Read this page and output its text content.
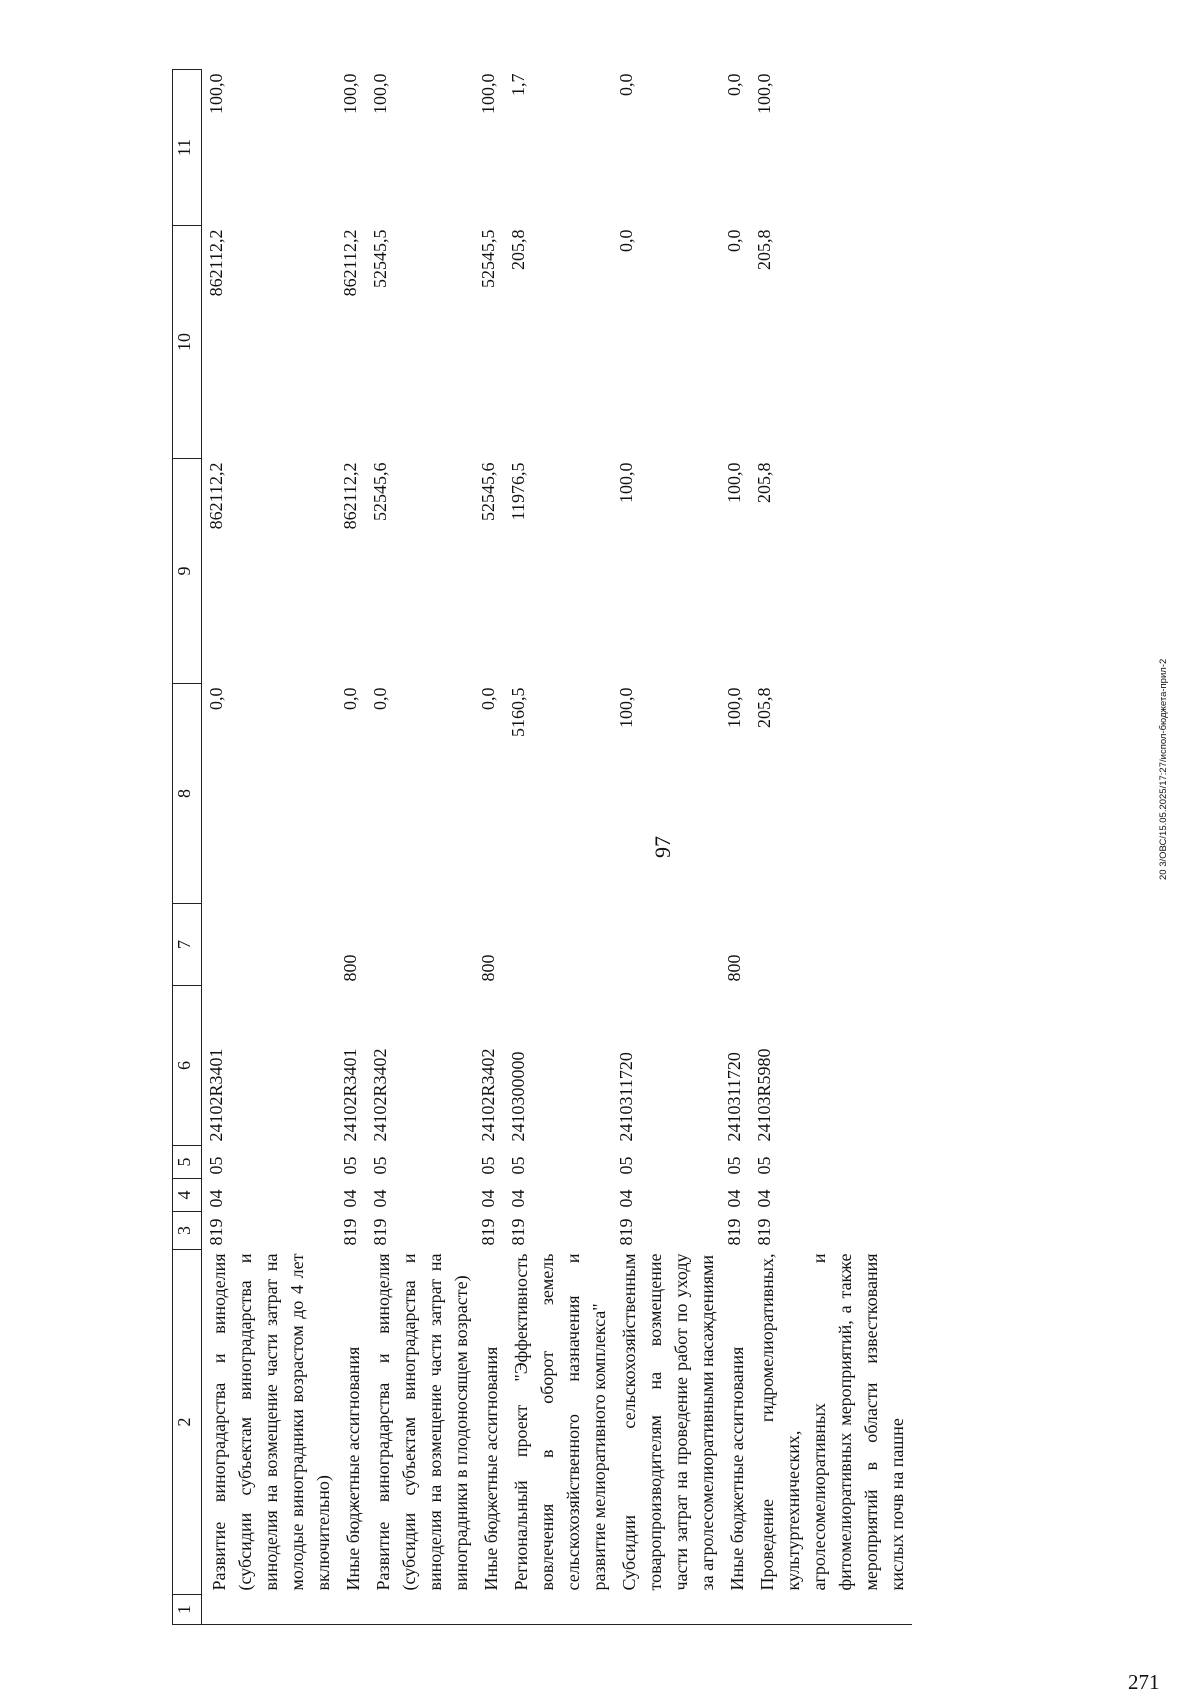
97
1	2	3	4	5	6	7	8	9	10	11
	Развитие виноградарства и виноделия (субсидии субъектам виноградарства и виноделия на возмещение части затрат на молодые виноградники возрастом до 4 лет включительно)	819	04	05	24102R3401		0,0	862112,2	862112,2	100,0
	Иные бюджетные ассигнования	819	04	05	24102R3401	800	0,0	862112,2	862112,2	100,0
	Развитие виноградарства и виноделия (субсидии субъектам виноградарства и виноделия на возмещение части затрат на виноградники в плодоносящем возрасте)	819	04	05	24102R3402		0,0	52545,6	52545,5	100,0
	Иные бюджетные ассигнования	819	04	05	24102R3402	800	0,0	52545,6	52545,5	100,0
	Региональный проект "Эффективность вовлечения в оборот земель сельскохозяйственного назначения и развитие мелиоративного комплекса"	819	04	05	2410300000		5160,5	11976,5	205,8	1,7
	Субсидии сельскохозяйственным товаропроизводителям на возмещение части затрат на проведение работ по уходу за агролесомелиоративными насаждениями	819	04	05	2410311720		100,0	100,0	0,0	0,0
	Иные бюджетные ассигнования	819	04	05	2410311720	800	100,0	100,0	0,0	0,0
	Проведение гидромелиоративных, культуртехнических, агролесомелиоративных и фитомелиоративных мероприятий, а также мероприятий в области известкования кислых почв на пашне	819	04	05	24103R5980		205,8	205,8	205,8	100,0
20 3/ОВС/15.05.2025/17:27/испол-бюджета-прил-2
271
